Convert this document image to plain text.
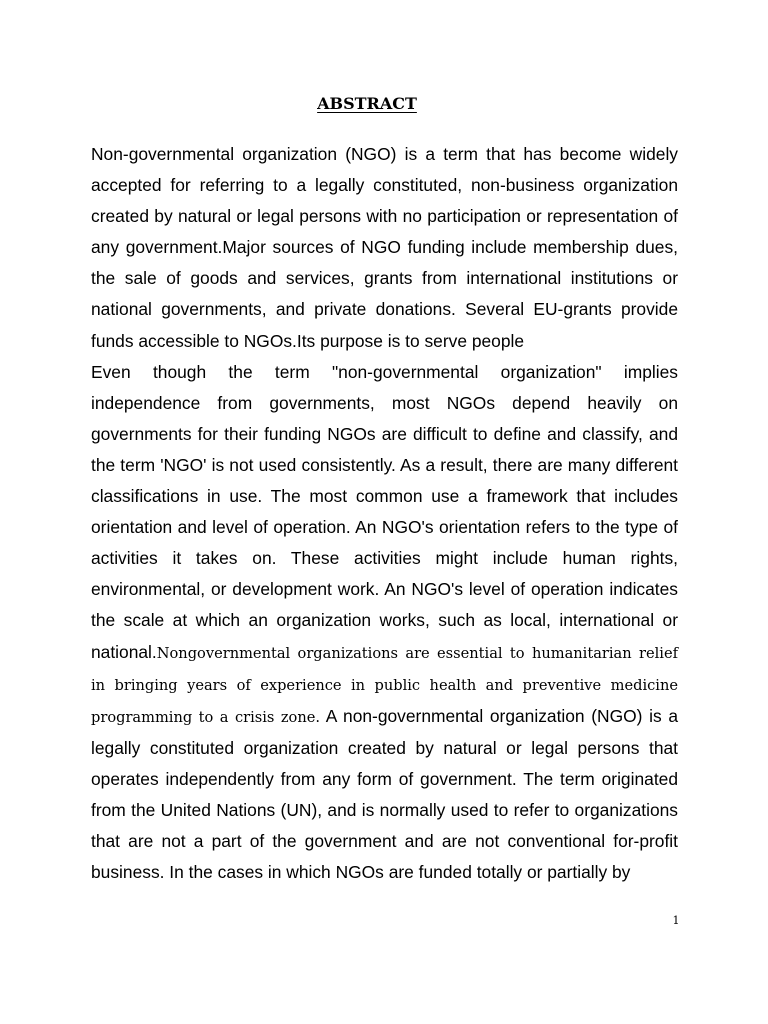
ABSTRACT

Non-governmental organization (NGO) is a term that has become widely accepted for referring to a legally constituted, non-business organization created by natural or legal persons with no participation or representation of any government.Major sources of NGO funding include membership dues, the sale of goods and services, grants from international institutions or national governments, and private donations. Several EU-grants provide funds accessible to NGOs.Its purpose is to serve people

Even though the term "non-governmental organization" implies independence from governments, most NGOs depend heavily on governments for their funding NGOs are difficult to define and classify, and the term 'NGO' is not used consistently. As a result, there are many different classifications in use. The most common use a framework that includes orientation and level of operation. An NGO's orientation refers to the type of activities it takes on. These activities might include human rights, environmental, or development work. An NGO's level of operation indicates the scale at which an organization works, such as local, international or national.Nongovernmental organizations are essential to humanitarian relief in bringing years of experience in public health and preventive medicine programming to a crisis zone. A non-governmental organization (NGO) is a legally constituted organization created by natural or legal persons that operates independently from any form of government. The term originated from the United Nations (UN), and is normally used to refer to organizations that are not a part of the government and are not conventional for-profit business. In the cases in which NGOs are funded totally or partially by

1
